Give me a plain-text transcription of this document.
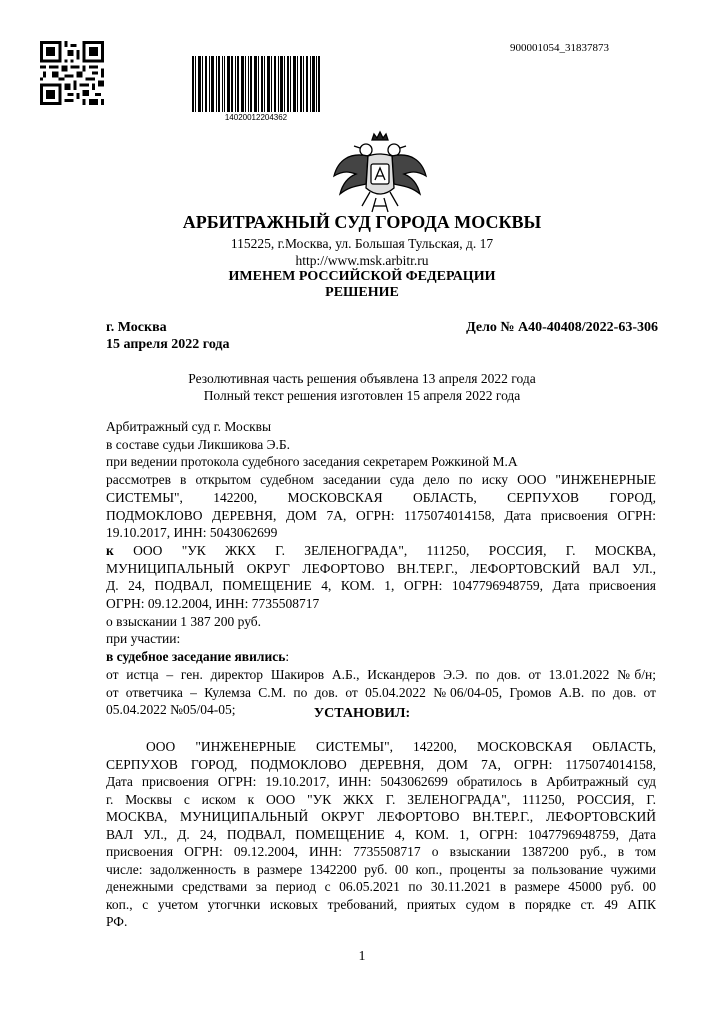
900001054_31837873
14020012204362
АРБИТРАЖНЫЙ СУД ГОРОДА МОСКВЫ
115225, г.Москва, ул. Большая Тульская, д. 17
http://www.msk.arbitr.ru
ИМЕНЕМ РОССИЙСКОЙ ФЕДЕРАЦИИ
РЕШЕНИЕ
г. Москва
15 апреля 2022 года
Дело № А40-40408/2022-63-306
Резолютивная часть решения объявлена 13 апреля 2022 года
Полный текст решения изготовлен 15 апреля 2022 года
Арбитражный суд г. Москвы
в составе судьи Ликшикова Э.Б.
при ведении протокола судебного заседания секретарем Рожкиной М.А
рассмотрев в открытом судебном заседании суда дело по иску ООО "ИНЖЕНЕРНЫЕ
СИСТЕМЫ", 142200, МОСКОВСКАЯ ОБЛАСТЬ, СЕРПУХОВ ГОРОД,
ПОДМОКЛОВО ДЕРЕВНЯ, ДОМ 7А, ОГРН: 1175074014158, Дата присвоения ОГРН:
19.10.2017, ИНН: 5043062699
к ООО "УК ЖКХ Г. ЗЕЛЕНОГРАДА", 111250, РОССИЯ, Г. МОСКВА,
МУНИЦИПАЛЬНЫЙ ОКРУГ ЛЕФОРТОВО ВН.ТЕР.Г., ЛЕФОРТОВСКИЙ ВАЛ УЛ.,
Д. 24, ПОДВАЛ, ПОМЕЩЕНИЕ 4, КОМ. 1, ОГРН: 1047796948759, Дата присвоения
ОГРН: 09.12.2004, ИНН: 7735508717
о взыскании 1 387 200 руб.
при участии:
в судебное заседание явились:
от истца – ген. директор Шакиров А.Б., Искандеров Э.Э. по дов. от 13.01.2022 №б/н;
от ответчика – Кулемза С.М. по дов. от 05.04.2022 №06/04-05, Громов А.В. по дов. от
05.04.2022 №05/04-05;	УСТАНОВИЛ:
ООО "ИНЖЕНЕРНЫЕ СИСТЕМЫ", 142200, МОСКОВСКАЯ ОБЛАСТЬ,
СЕРПУХОВ ГОРОД, ПОДМОКЛОВО ДЕРЕВНЯ, ДОМ 7А, ОГРН: 1175074014158,
Дата присвоения ОГРН: 19.10.2017, ИНН: 5043062699 обратилось в Арбитражный суд
г. Москвы с иском к ООО "УК ЖКХ Г. ЗЕЛЕНОГРАДА", 111250, РОССИЯ, Г.
МОСКВА, МУНИЦИПАЛЬНЫЙ ОКРУГ ЛЕФОРТОВО ВН.ТЕР.Г., ЛЕФОРТОВСКИЙ
ВАЛ УЛ., Д. 24, ПОДВАЛ, ПОМЕЩЕНИЕ 4, КОМ. 1, ОГРН: 1047796948759, Дата
присвоения ОГРН: 09.12.2004, ИНН: 7735508717 о взыскании 1387200 руб., в том
числе: задолженность в размере 1342200 руб. 00 коп., проценты за пользование чужими
денежными средствами за период с 06.05.2021 по 30.11.2021 в размере 45000 руб. 00
коп., с учетом утогчнки исковых требований, приятых судом в порядке ст. 49 АПК
РФ.
1
